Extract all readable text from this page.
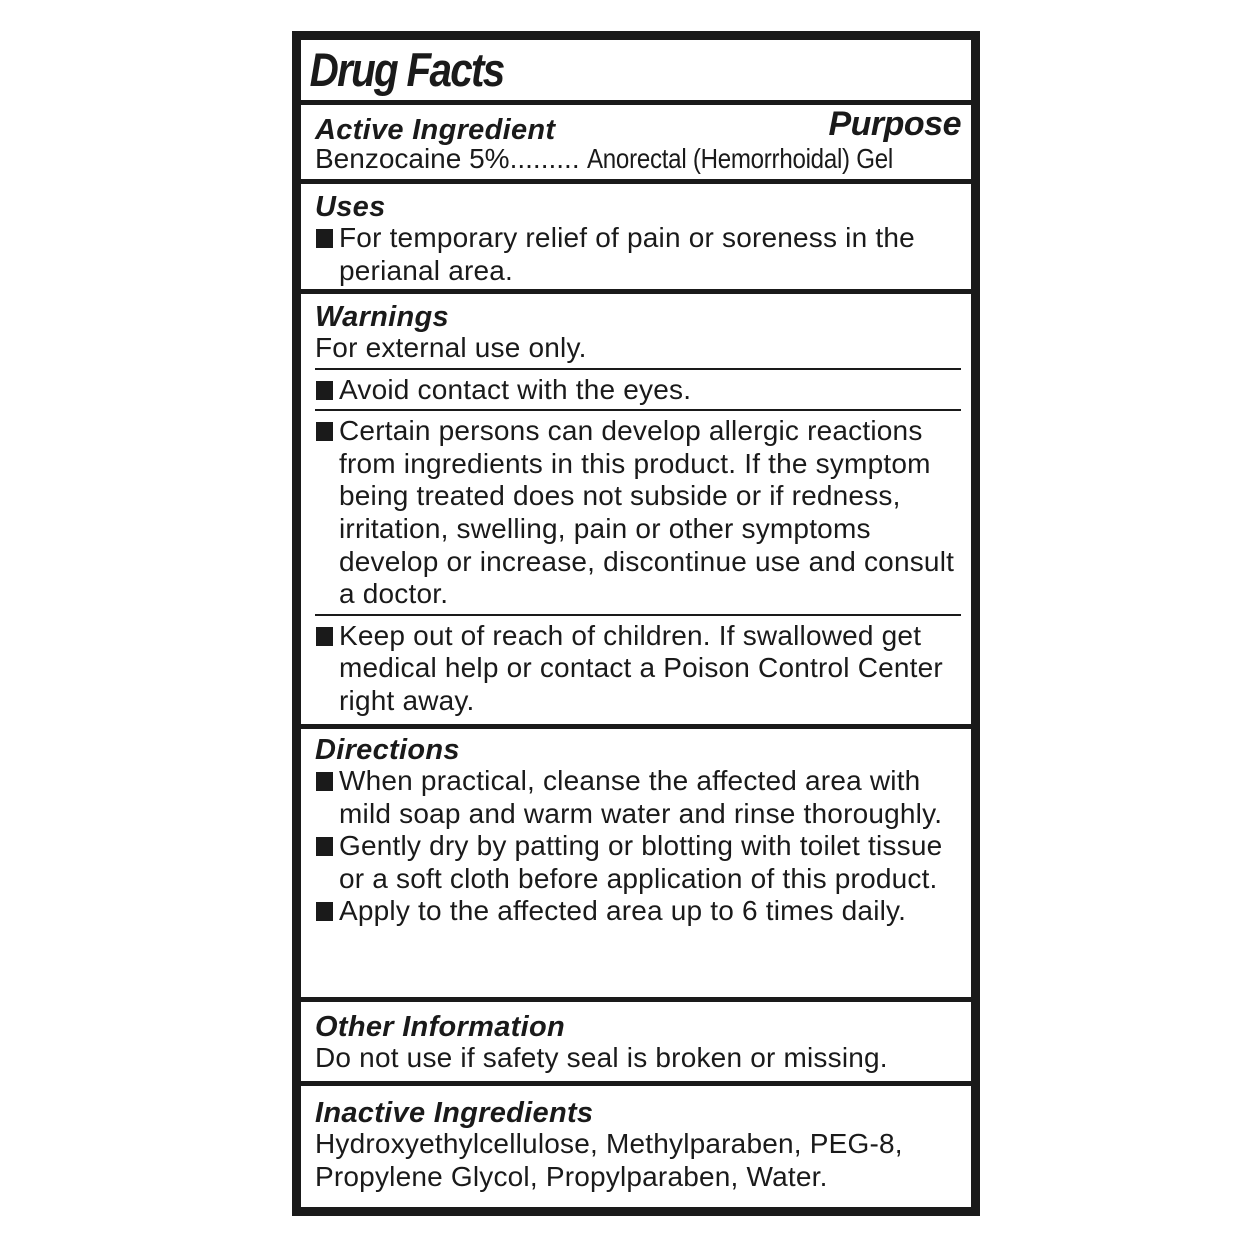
Drug Facts
Active Ingredient	Purpose
Benzocaine 5%......... Anorectal (Hemorrhoidal) Gel
Uses
For temporary relief of pain or soreness in the perianal area.
Warnings
For external use only.
Avoid contact with the eyes.
Certain persons can develop allergic reactions from ingredients in this product. If the symptom being treated does not subside or if redness, irritation, swelling, pain or other symptoms develop or increase, discontinue use and consult a doctor.
Keep out of reach of children. If swallowed get medical help or contact a Poison Control Center right away.
Directions
When practical, cleanse the affected area with mild soap and warm water and rinse thoroughly.
Gently dry by patting or blotting with toilet tissue or a soft cloth before application of this product.
Apply to the affected area up to 6 times daily.
Other Information
Do not use if safety seal is broken or missing.
Inactive Ingredients
Hydroxyethylcellulose, Methylparaben, PEG-8, Propylene Glycol, Propylparaben, Water.
